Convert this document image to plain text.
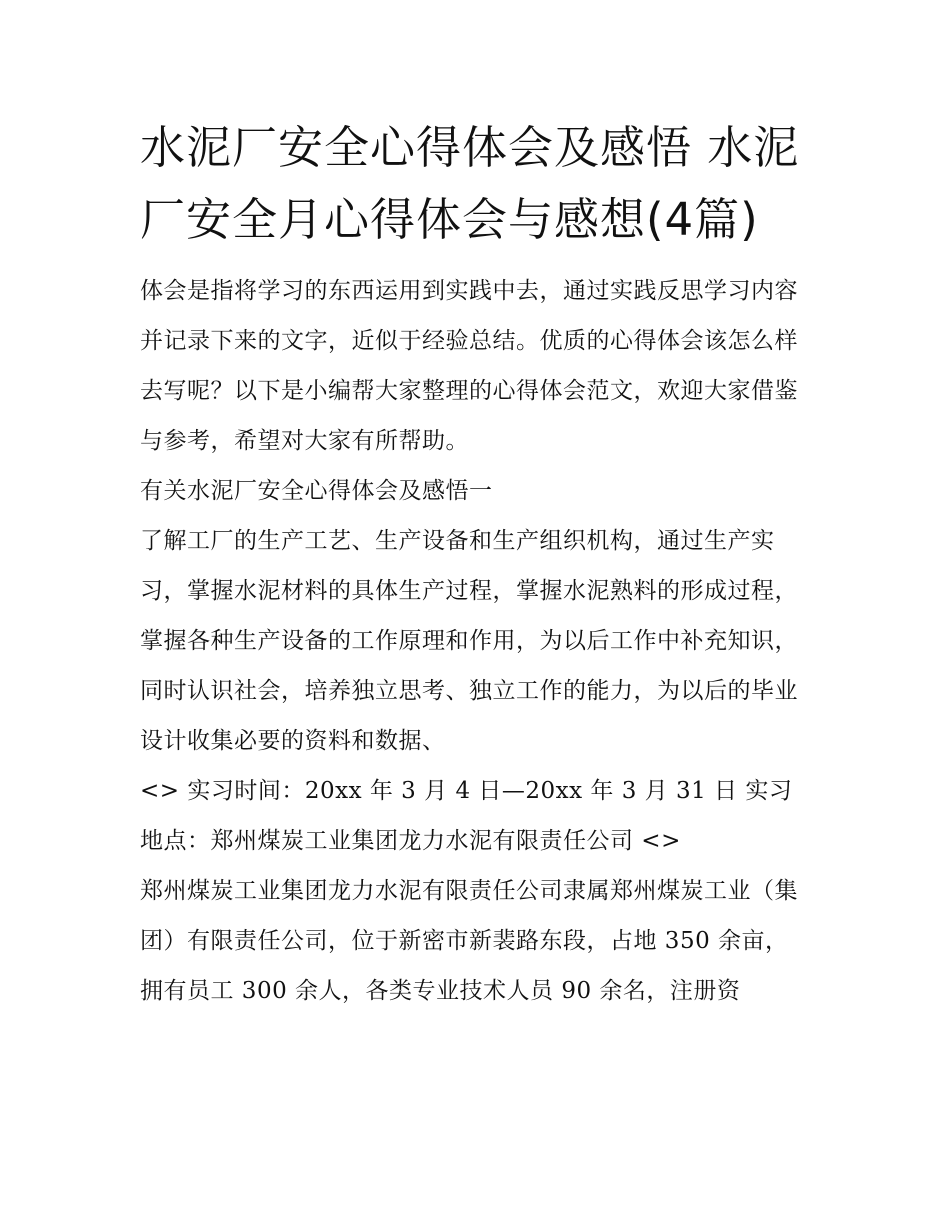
水泥厂安全心得体会及感悟 水泥厂安全月心得体会与感想(4篇)

体会是指将学习的东西运用到实践中去，通过实践反思学习内容并记录下来的文字，近似于经验总结。优质的心得体会该怎么样去写呢？以下是小编帮大家整理的心得体会范文，欢迎大家借鉴与参考，希望对大家有所帮助。

有关水泥厂安全心得体会及感悟一

了解工厂的生产工艺、生产设备和生产组织机构，通过生产实习，掌握水泥材料的具体生产过程，掌握水泥熟料的形成过程，掌握各种生产设备的工作原理和作用，为以后工作中补充知识，同时认识社会，培养独立思考、独立工作的能力，为以后的毕业设计收集必要的资料和数据、

<> 实习时间：20xx 年 3 月 4 日—20xx 年 3 月 31 日 实习地点：郑州煤炭工业集团龙力水泥有限责任公司 <>

郑州煤炭工业集团龙力水泥有限责任公司隶属郑州煤炭工业（集团）有限责任公司，位于新密市新裴路东段，占地 350 余亩，拥有员工 300 余人，各类专业技术人员 90 余名，注册资
